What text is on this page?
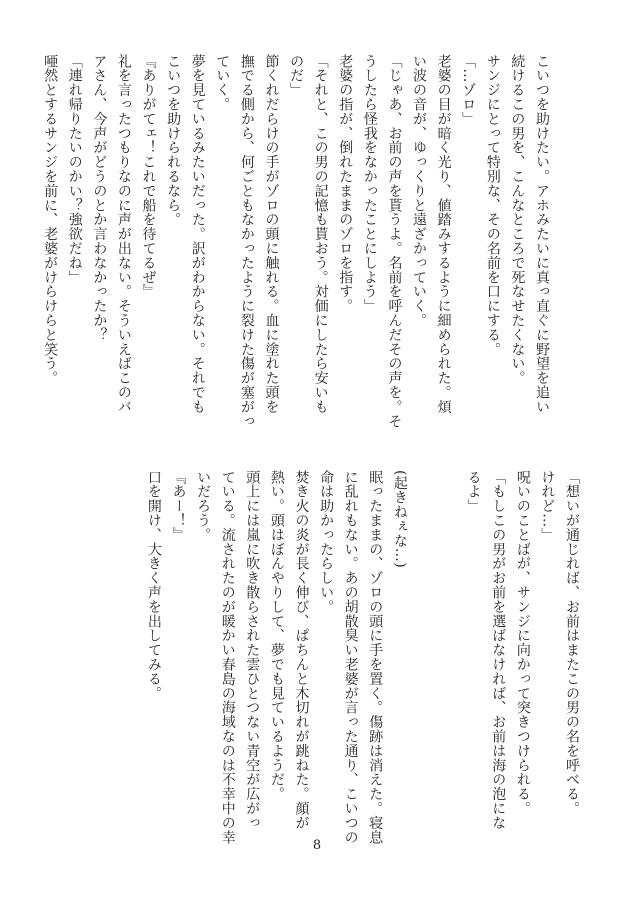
こいつを助けたい。アホみたいに真っ直ぐに野望を追い

続けるこの男を、こんなところで死なせたくない。

サンジにとって特別な、その名前を口にする。

「…ゾロ」

老婆の目が暗く光り、値踏みするように細められた。煩

い波の音が、ゆっくりと遠ざかっていく。

「じゃあ、お前の声を貰うよ。名前を呼んだその声を。そ

うしたら怪我をなかったことにしよう」

老婆の指が、倒れたままのゾロを指す。

「それと、この男の記憶も貰おう。対価にしたら安いも

のだ」

節くれだらけの手がゾロの頭に触れる。血に塗れた頭を

撫でる側から、何ごともなかったように裂けた傷が塞がっ

ていく。

夢を見ているみたいだった。訳がわからない。それでも

こいつを助けられるなら。

『ありがてェ！これで船を待てるぜ』

礼を言ったつもりなのに声が出ない。そういえばこのバ

アさん、今声がどうのとか言わなかったか？

「連れ帰りたいのかい？強欲だね」

唖然とするサンジを前に、老婆がけらけらと笑う。

「想いが通じれば、お前はまたこの男の名を呼べる。

けれど…」

呪いのことばが、サンジに向かって突きつけられる。

「もしこの男がお前を選ばなければ、お前は海の泡にな

るよ」

(起きねぇな…)

眠ったままの、ゾロの頭に手を置く。傷跡は消えた。寝息

に乱れもない。あの胡散臭い老婆が言った通り、こいつの

命は助かったらしい。

焚き火の炎が長く伸び、ぱちんと木切れが跳ねた。顔が

熱い。頭はぼんやりして、夢でも見ているようだ。

頭上には嵐に吹き散らされた雲ひとつない青空が広がっ

ている。流されたのが暖かい春島の海域なのは不幸中の幸

いだろう。

『あー！』

口を開け、大きく声を出してみる。

8
